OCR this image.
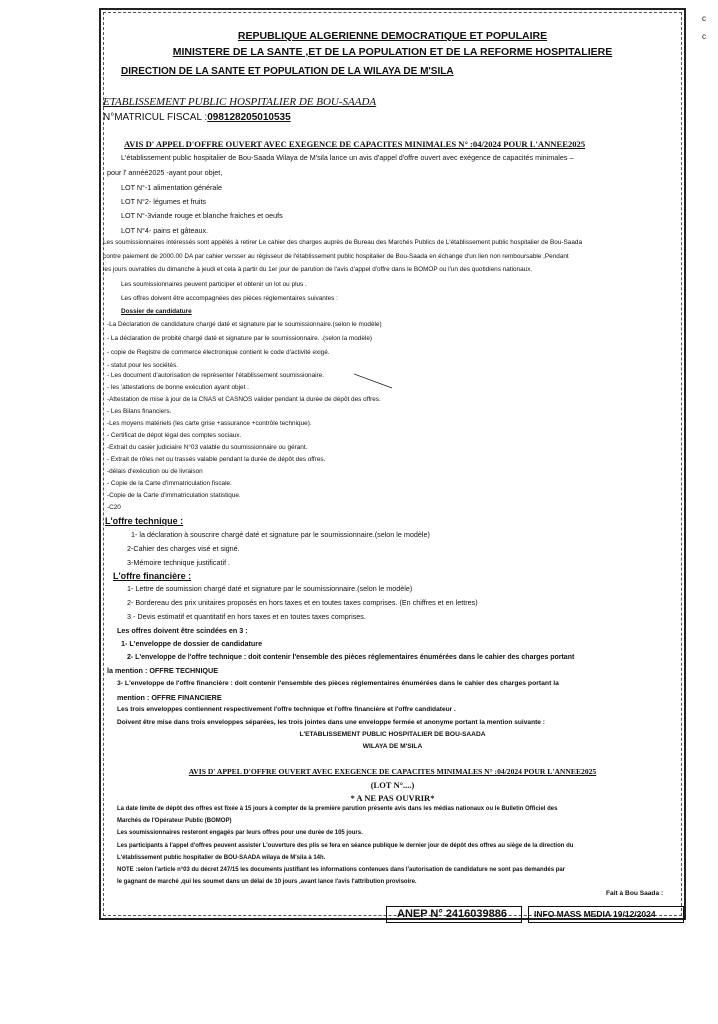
c
c
REPUBLIQUE ALGERIENNE DEMOCRATIQUE ET POPULAIRE
MINISTERE DE LA SANTE ,ET DE LA POPULATION ET DE LA REFORME HOSPITALIERE
DIRECTION DE LA SANTE ET POPULATION DE LA WILAYA DE M'SILA
ETABLISSEMENT PUBLIC HOSPITALIER DE BOU-SAADA
N°MATRICUL FISCAL :098128205010535
AVIS D' APPEL D'OFFRE OUVERT AVEC EXEGENCE DE CAPACITES MINIMALES N° :04/2024 POUR L'ANNEE2025
L'établissement public hospitalier de Bou-Saada Wilaya de M'sila lance un avis d'appel d'offre ouvert avec exégence de capacités minimales –
pour l' annéé2025 -ayant pour objet,
LOT N°-1 alimentation générale
LOT N°2- légumes et fruits
LOT N°-3viande rouge et blanche fraiches et oeufs
LOT N°4- pains et gâteaux.
Les soumissionnaires intéressés sont appélés à retirer Le cahier des charges auprès de Bureau des Marchés Publics de L'établissement public hospitalier de Bou-Saada
contre paiement de 2000.00 DA par cahier versser au régisseur de l'établissement public hospitalier de Bou-Saada en échange d'un lien non remboursable ,Pendant
les jours ouvrables du dimanche à jeudi et cela à partir du 1er jour de parution de l'avis d'appel d'offre dans le BOMOP ou l'un des quotidiens nationaux.
Les soumissionnaires peuvent participer et obtenir un lot ou plus .
Les offres doivent être accompagnées des pièces réglementaires suivantes :
Dossier de candidature
-La Déclaration de candidature chargé daté et signature par le soumissionnaire.(selon le modèle)
- La déclaration de probité chargé daté et signature par le soumissionnaire. .(selon la modèle)
- copie de Registre de commerce électronique contient le code d'activité exigé.
- statut pour les sociétés.
- Les document d'autorisation de représenter l'établissement soumissionaire.
- les 'attestations de bonne exécution ayant objet .
-Attestation de mise à jour de la CNAS et CASNOS valider pendant la durée de dépôt des offres.
- Les Bilans financiers.
-Les moyens matériels (les carte grise +assurance +contrôle technique).
- Certificat de dépot légal des comptes sociaux.
-Extrait du casier judiciaire N°03 valable du soumissionnaire ou gérant.
- Extrait de rôles net ou trassés valable pendant la durée de dépôt des offres.
-délais d'exécution ou de livraison
- Copie de la Carte d'immatriculation fiscale.
-Copie de la Carte d'immatriculation statistique.
-C20
L'offre technique :
1- la déclaration à souscrire chargé daté et signature par le soumissionnaire.(selon le modèle)
2-Cahier des charges visé et signé.
3-Mémoire technique justificatif .
L'offre financière :
1- Lettre de soumission chargé daté et signature par le soumissionnaire.(selon le modèle)
2- Bordereau des prix unitaires proposés en hors taxes et en toutes taxes comprises. (En chiffres et en lettres)
3 - Devis estimatif et quantitatif en hors taxes et en toutes taxes comprises.
Les offres doivent être scindées en 3 :
1- L'enveloppe de dossier de candidature
2- L'enveloppe de l'offre technique : doit contenir l'ensemble des pièces réglementaires énumérées dans le cahier des charges portant
la mention : OFFRE TECHNIQUE
3- L'enveloppe de l'offre financière : doit contenir l'ensemble des pièces réglementaires énumérées dans le cahier des charges portant la
mention : OFFRE FINANCIERE
Les trois enveloppes contiennent respectivement l'offre technique et l'offre financière et l'offre candidateur .
Doivent être mise dans trois enveloppes séparées, les trois jointes dans une enveloppe fermée et anonyme portant la mention suivante :
L'ETABLISSEMENT PUBLIC HOSPITALIER DE BOU-SAADA
WILAYA DE M'SILA
AVIS D' APPEL D'OFFRE OUVERT AVEC EXEGENCE DE CAPACITES MINIMALES N° :04/2024 POUR L'ANNEE2025
(LOT N°....)
* A NE PAS OUVRIR*
La date limite de dépôt des offres est fixée à 15 jours à compter de la première parution présente avis dans les médias nationaux ou le Bulletin Officiel des
Marchés de l'Opérateur Public (BOMOP)
Les soumissionnaires resteront engagés par leurs offres pour une durée de 105 jours.
Les participants à l'appel d'offres peuvent assister L'ouverture des plis se fera en séance publique le dernier jour de dépôt des offres au siège de la direction du
L'établissement public hospitalier de BOU-SAADA wilaya de M'sila à 14h.
NOTE :selon l'article n°03 du décret 247/15 les documents justifiant les informations contenues dans l'autorisation de candidature ne sont pas demandés par
le gagnant de marché ,qui les soumet dans un délai de 10 jours ,avant lance l'avis l'attribution provisoire.
Fait à Bou Saada :
ANEP N° 2416039886	INFO MASS MEDIA 19/12/2024
